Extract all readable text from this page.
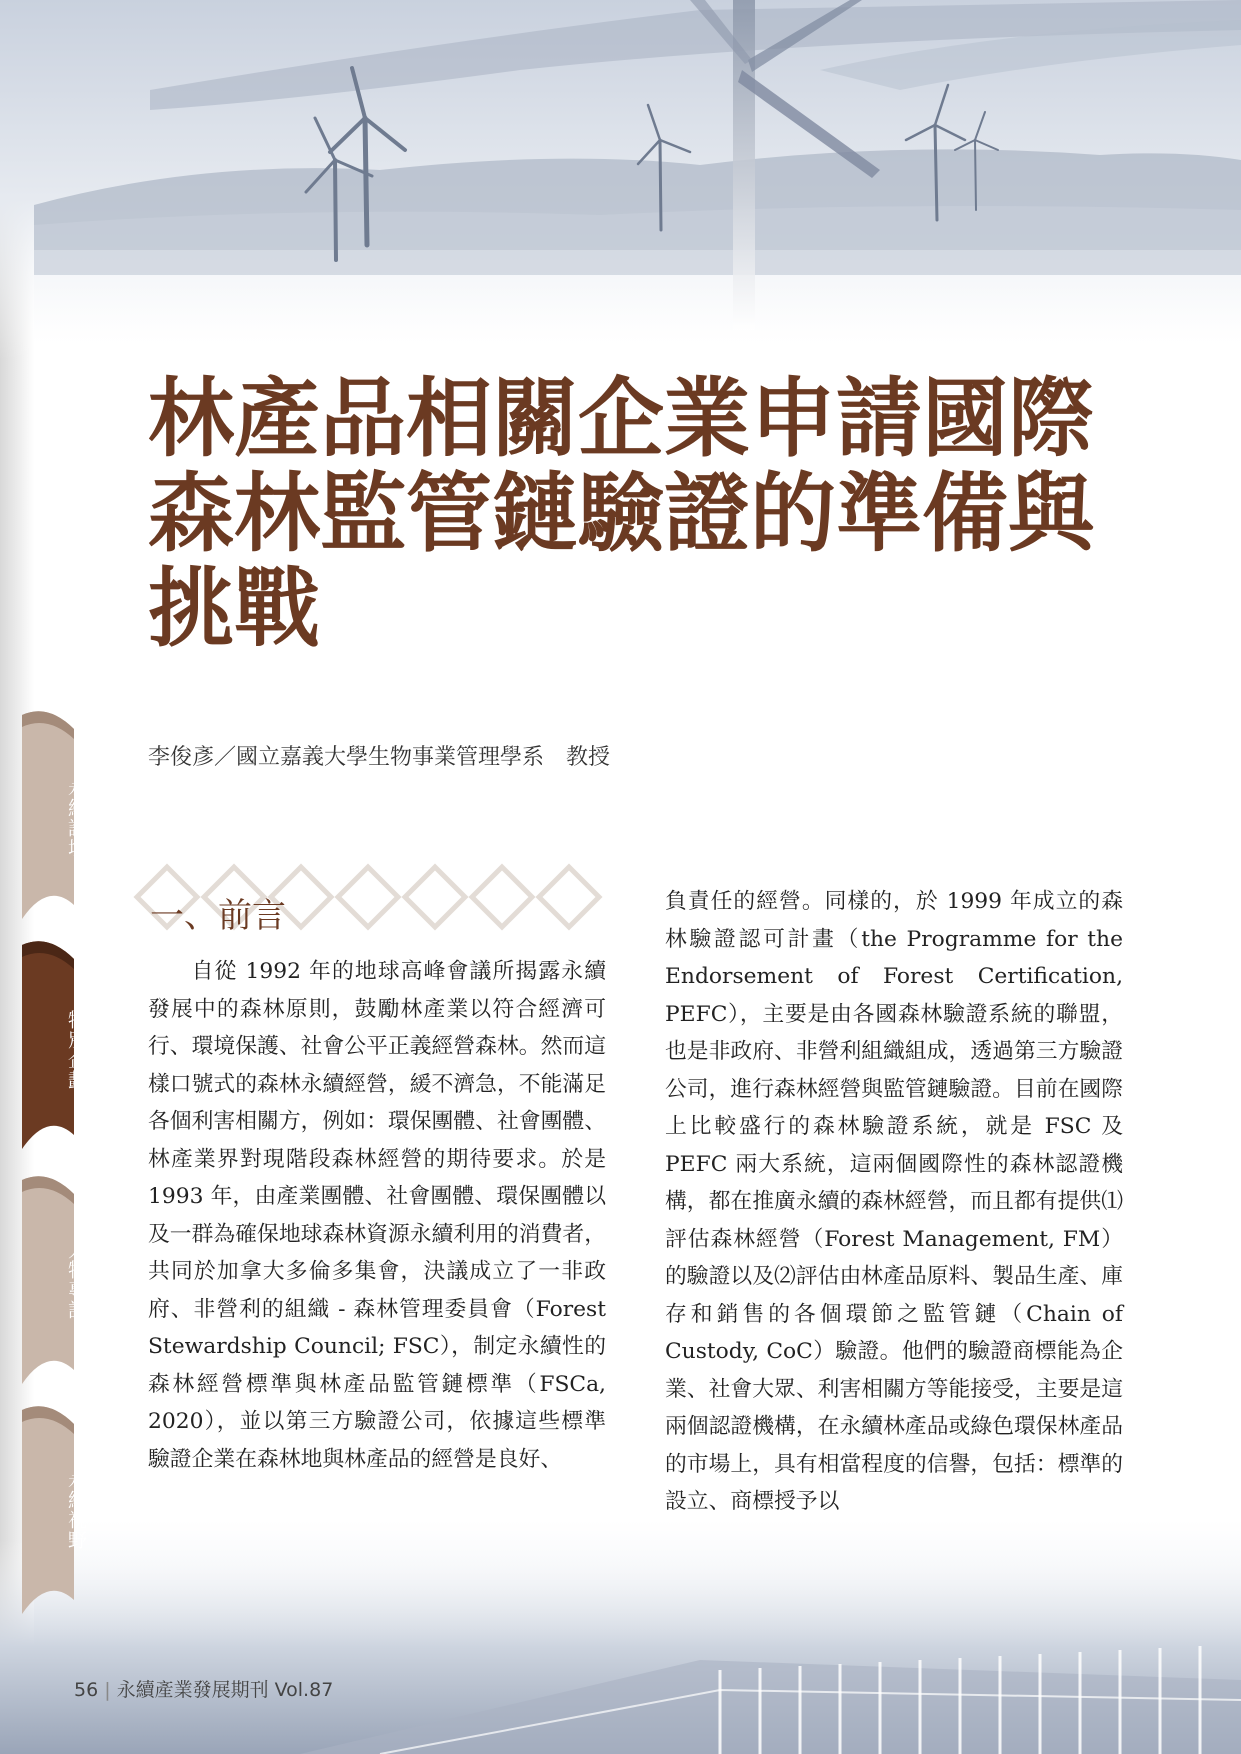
永續論壇
特別企劃
人物專訪
永續視野
林產品相關企業申請國際森林監管鏈驗證的準備與挑戰
李俊彥／國立嘉義大學生物事業管理學系　教授
一、前言

自從 1992 年的地球高峰會議所揭露永續發展中的森林原則，鼓勵林產業以符合經濟可行、環境保護、社會公平正義經營森林。然而這樣口號式的森林永續經營，緩不濟急，不能滿足各個利害相關方，例如：環保團體、社會團體、林產業界對現階段森林經營的期待要求。於是 1993 年，由產業團體、社會團體、環保團體以及一群為確保地球森林資源永續利用的消費者，共同於加拿大多倫多集會，決議成立了一非政府、非營利的組織 - 森林管理委員會（Forest Stewardship Council; FSC），制定永續性的森林經營標準與林產品監管鏈標準（FSCa, 2020），並以第三方驗證公司，依據這些標準驗證企業在森林地與林產品的經營是良好、

負責任的經營。同樣的，於 1999 年成立的森林驗證認可計畫（the Programme for the Endorsement of Forest Certification, PEFC），主要是由各國森林驗證系統的聯盟，也是非政府、非營利組織組成，透過第三方驗證公司，進行森林經營與監管鏈驗證。目前在國際上比較盛行的森林驗證系統，就是 FSC 及 PEFC 兩大系統，這兩個國際性的森林認證機構，都在推廣永續的森林經營，而且都有提供⑴評估森林經營（Forest Management, FM）的驗證以及⑵評估由林產品原料、製品生產、庫存和銷售的各個環節之監管鏈（Chain of Custody, CoC）驗證。他們的驗證商標能為企業、社會大眾、利害相關方等能接受，主要是這兩個認證機構，在永續林產品或綠色環保林產品的市場上，具有相當程度的信譽，包括：標準的設立、商標授予以

56 | 永續產業發展期刊 Vol.87
